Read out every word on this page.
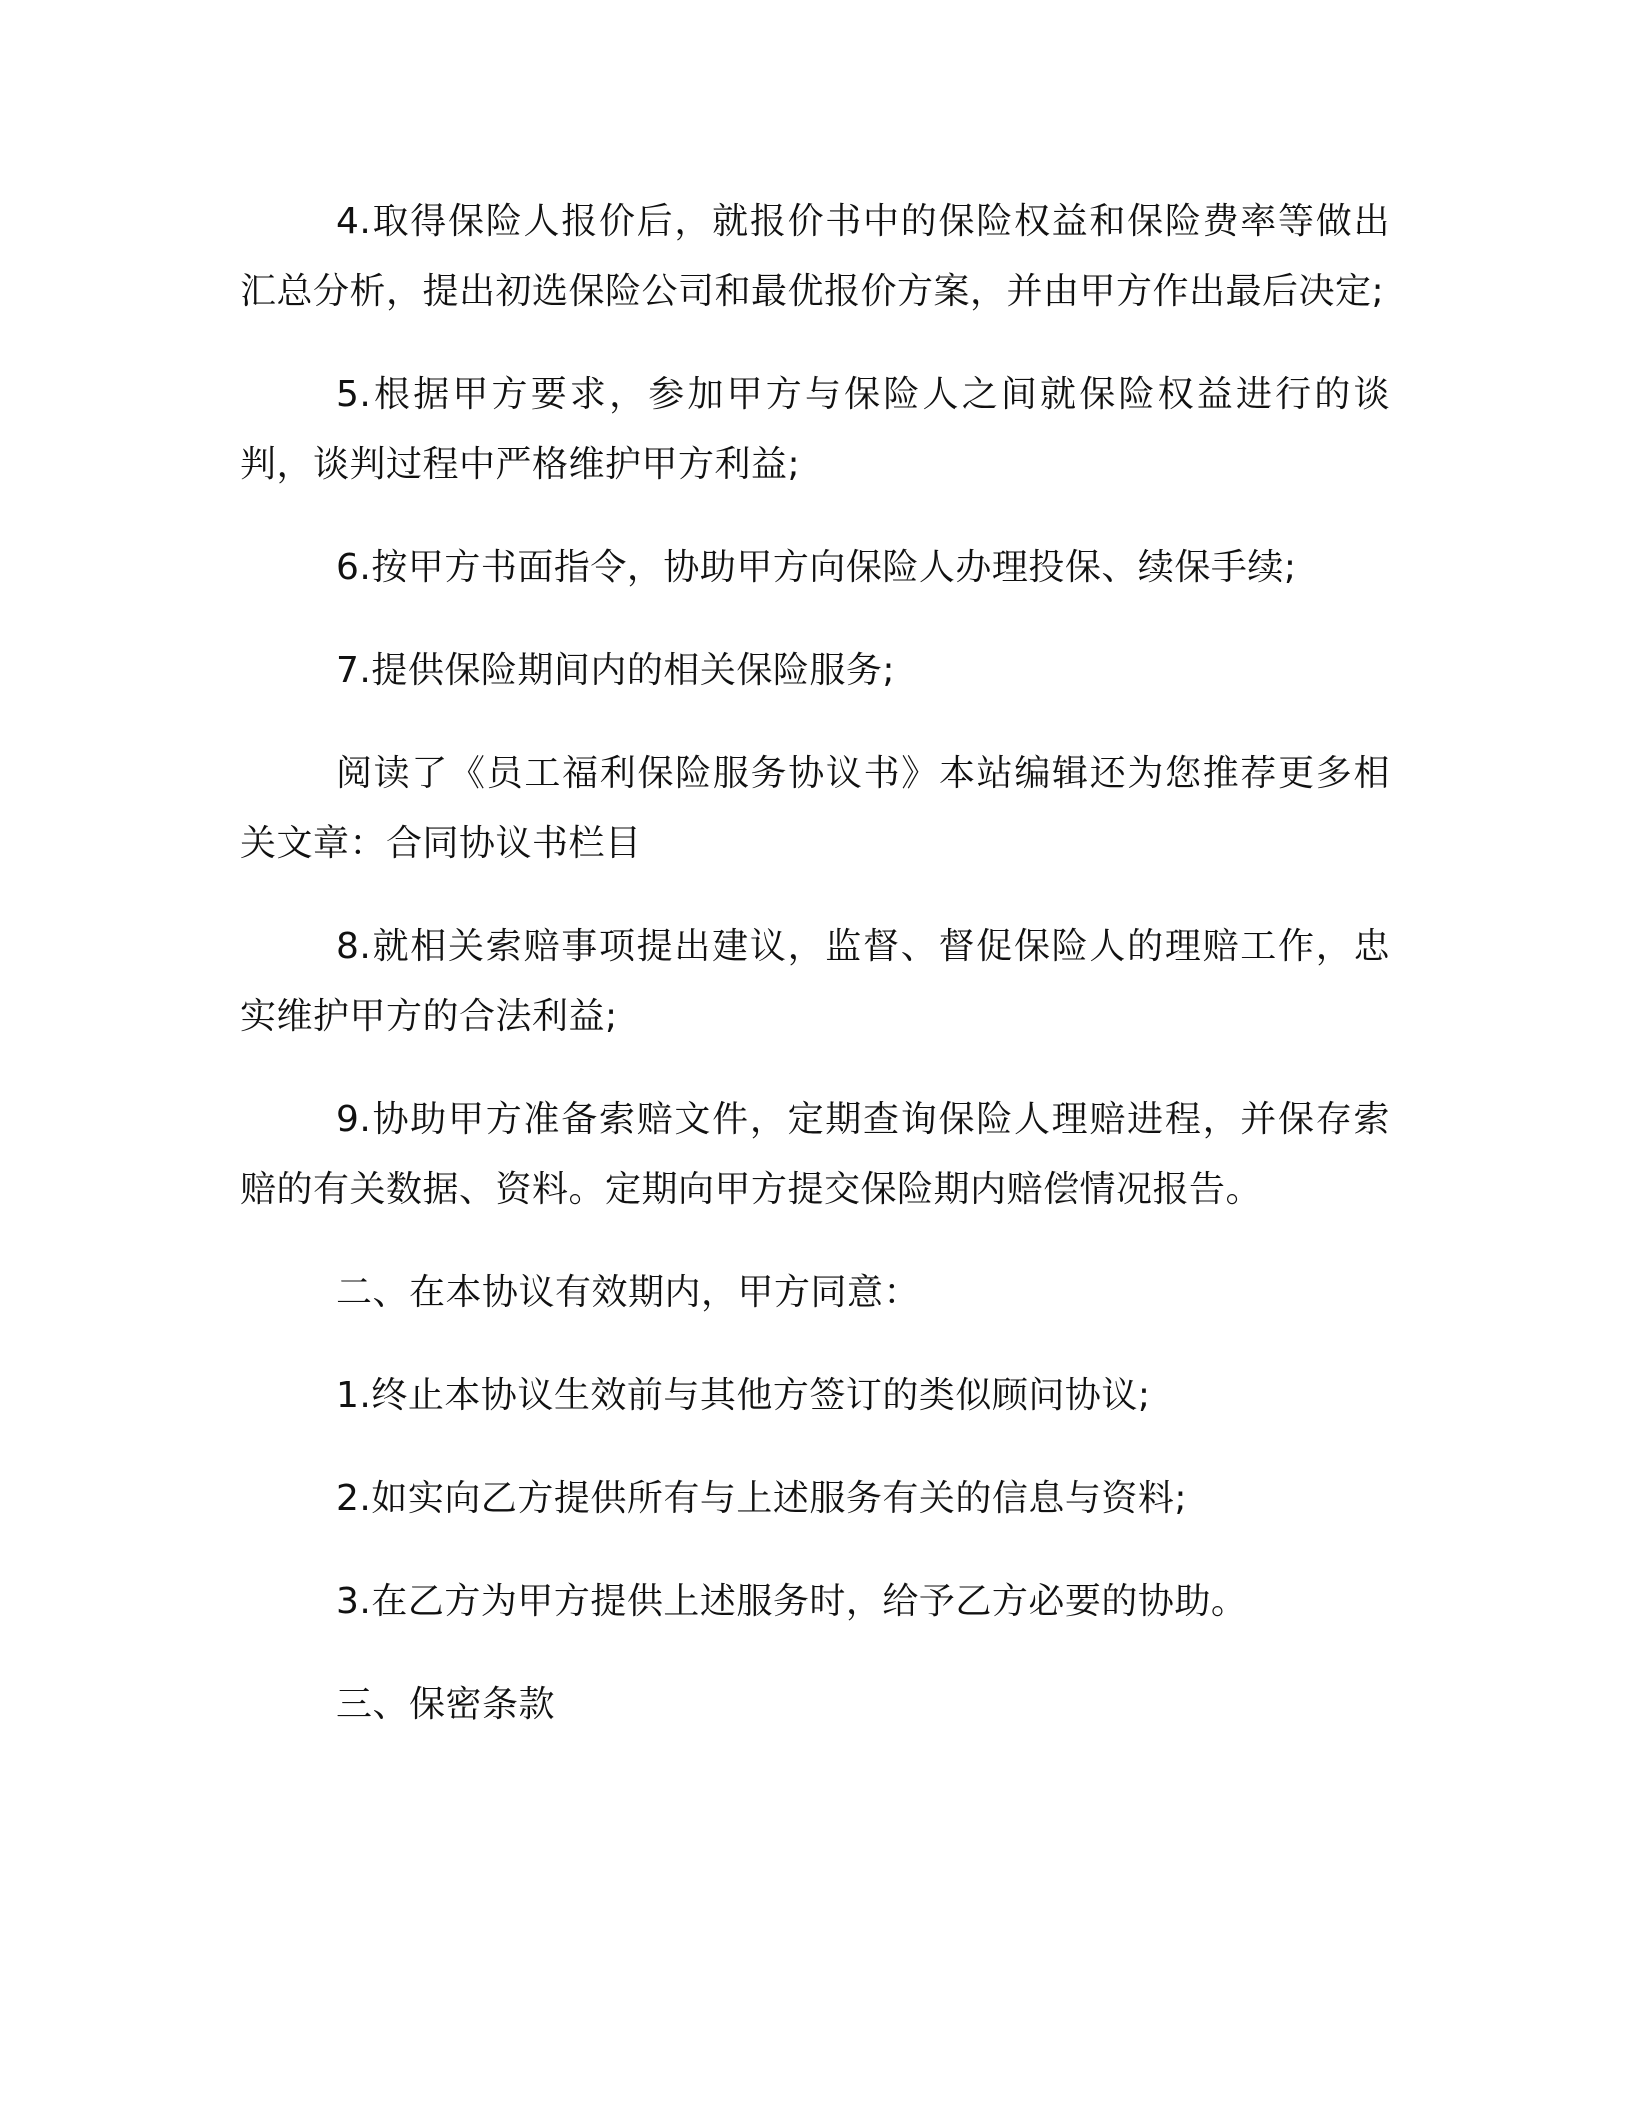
4.取得保险人报价后，就报价书中的保险权益和保险费率等做出汇总分析，提出初选保险公司和最优报价方案，并由甲方作出最后决定;

5.根据甲方要求，参加甲方与保险人之间就保险权益进行的谈判，谈判过程中严格维护甲方利益;

6.按甲方书面指令，协助甲方向保险人办理投保、续保手续;

7.提供保险期间内的相关保险服务;

阅读了《员工福利保险服务协议书》本站编辑还为您推荐更多相关文章：合同协议书栏目

8.就相关索赔事项提出建议，监督、督促保险人的理赔工作，忠实维护甲方的合法利益;

9.协助甲方准备索赔文件，定期查询保险人理赔进程，并保存索赔的有关数据、资料。定期向甲方提交保险期内赔偿情况报告。

二、在本协议有效期内，甲方同意：

1.终止本协议生效前与其他方签订的类似顾问协议;

2.如实向乙方提供所有与上述服务有关的信息与资料;

3.在乙方为甲方提供上述服务时，给予乙方必要的协助。

三、保密条款
